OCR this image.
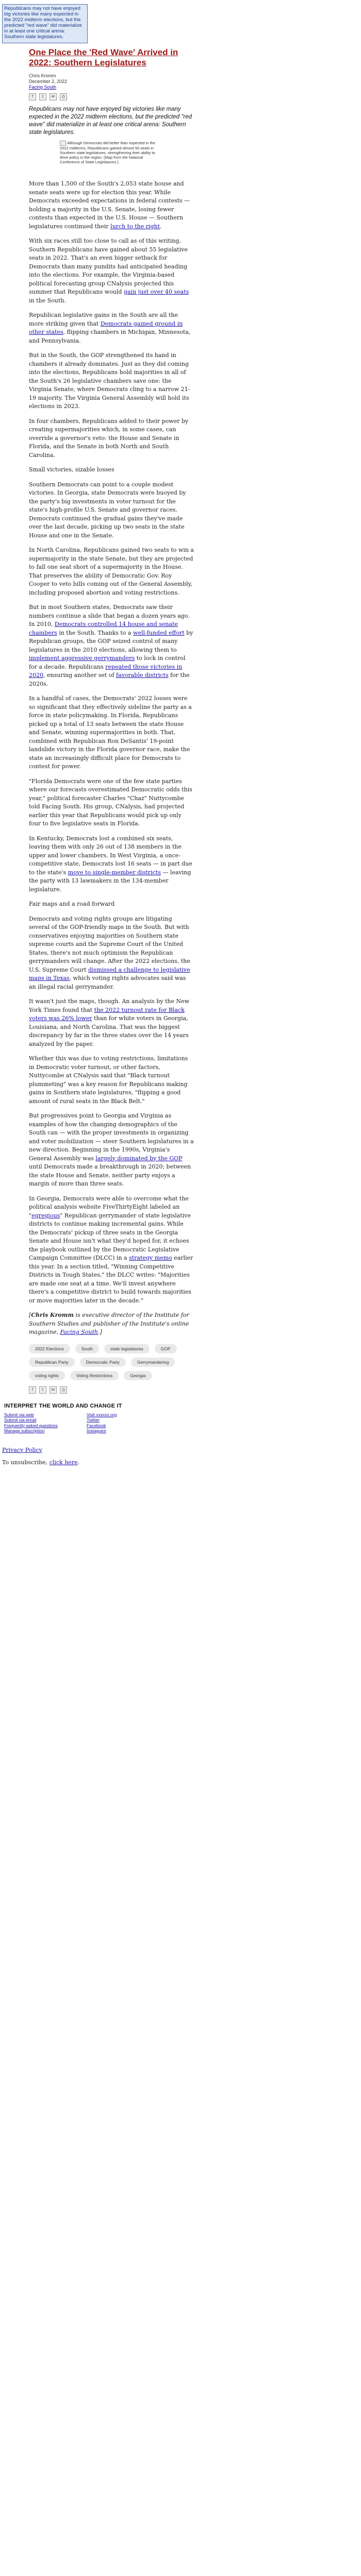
Republicans may not have enjoyed big victories like many expected in the 2022 midterm elections, but the predicted "red wave" did materialize in at least one critical arena: Southern state legislatures.
One Place the 'Red Wave' Arrived in 2022: Southern Legislatures
Chris Kromm
December 2, 2022
Facing South
f	t	✉	⎙
Republicans may not have enjoyed big victories like many expected in the 2022 midterm elections, but the predicted "red wave" did materialize in at least one critical arena: Southern state legislatures.
Although Democrats did better than expected in the 2022 midterms, Republicans gained almost 50 seats in Southern state legislatures, strengthening their ability to drive policy in the region. (Map from the National Conference of State Legislatures.)

More than 1,500 of the South's 2,053 state house and senate seats were up for election this year. While Democrats exceeded expectations in federal contests — holding a majority in the U.S. Senate, losing fewer contests than expected in the U.S. House — Southern legislatures continued their lurch to the right.

With six races still too close to call as of this writing, Southern Republicans have gained about 55 legislative seats in 2022. That's an even bigger setback for Democrats than many pundits had anticipated heading into the elections. For example, the Virginia-based political forecasting group CNalysis projected this summer that Republicans would gain just over 40 seats in the South.

Republican legislative gains in the South are all the more striking given that Democrats gained ground in other states, flipping chambers in Michigan, Minnesota, and Pennsylvania.

But in the South, the GOP strengthened its hand in chambers it already dominates. Just as they did coming into the elections, Republicans hold majorities in all of the South's 26 legislative chambers save one: the Virginia Senate, where Democrats cling to a narrow 21-19 majority. The Virginia General Assembly will hold its elections in 2023.

In four chambers, Republicans added to their power by creating supermajorities which, in some cases, can override a governor's veto: the House and Senate in Florida, and the Senate in both North and South Carolina.

Small victories, sizable losses

Southern Democrats can point to a couple modest victories. In Georgia, state Democrats were buoyed by the party's big investments in voter turnout for the state's high-profile U.S. Senate and governor races. Democrats continued the gradual gains they've made over the last decade, picking up two seats in the state House and one in the Senate.

In North Carolina, Republicans gained two seats to win a supermajority in the state Senate, but they are projected to fall one seat short of a supermajority in the House. That preserves the ability of Democratic Gov. Roy Cooper to veto bills coming out of the General Assembly, including proposed abortion and voting restrictions.

But in most Southern states, Democrats saw their numbers continue a slide that began a dozen years ago. In 2010, Democrats controlled 14 house and senate chambers in the South. Thanks to a well-funded effort by Republican groups, the GOP seized control of many legislatures in the 2010 elections, allowing them to implement aggressive gerrymanders to lock in control for a decade. Republicans repeated those victories in 2020, ensuring another set of favorable districts for the 2020s.

In a handful of cases, the Democrats' 2022 losses were so significant that they effectively sideline the party as a force in state policymaking. In Florida, Republicans picked up a total of 13 seats between the state House and Senate, winning supermajorities in both. That, combined with Republican Ron DeSantis' 19-point landslide victory in the Florida governor race, make the state an increasingly difficult place for Democrats to contest for power.

"Florida Democrats were one of the few state parties where our forecasts overestimated Democratic odds this year," political forecaster Charles "Chaz" Nuttycombe told Facing South. His group, CNalysis, had projected earlier this year that Republicans would pick up only four to five legislative seats in Florida.

In Kentucky, Democrats lost a combined six seats, leaving them with only 26 out of 138 members in the upper and lower chambers. In West Virginia, a once-competitive state, Democrats lost 16 seats — in part due to the state's move to single-member districts — leaving the party with 13 lawmakers in the 134-member legislature.

Fair maps and a road forward

Democrats and voting rights groups are litigating several of the GOP-friendly maps in the South. But with conservatives enjoying majorities on Southern state supreme courts and the Supreme Court of the United States, there's not much optimism the Republican gerrymanders will change. After the 2022 elections, the U.S. Supreme Court dismissed a challenge to legislative maps in Texas, which voting rights advocates said was an illegal racial gerrymander.

It wasn't just the maps, though. An analysis by the New York Times found that the 2022 turnout rate for Black voters was 26% lower than for white voters in Georgia, Louisiana, and North Carolina. That was the biggest discrepancy by far in the three states over the 14 years analyzed by the paper.

Whether this was due to voting restrictions, limitations in Democratic voter turnout, or other factors, Nuttycombe at CNalysis said that "Black turnout plummeting" was a key reason for Republicans making gains in Southern state legislatures, "flipping a good amount of rural seats in the Black Belt."

But progressives point to Georgia and Virginia as examples of how the changing demographics of the South can — with the proper investments in organizing and voter mobilization — steer Southern legislatures in a new direction. Beginning in the 1990s, Virginia's General Assembly was largely dominated by the GOP until Democrats made a breakthrough in 2020; between the state House and Senate, neither party enjoys a margin of more than three seats.

In Georgia, Democrats were able to overcome what the political analysis website FiveThirtyEight labeled an "egregious" Republican gerrymander of state legislative districts to continue making incremental gains. While the Democrats' pickup of three seats in the Georgia Senate and House isn't what they'd hoped for, it echoes the playbook outlined by the Democratic Legislative Campaign Committee (DLCC) in a strategy memo earlier this year. In a section titled, "Winning Competitive Districts in Tough States," the DLCC writes: "Majorities are made one seat at a time. We'll invest anywhere there's a competitive district to build towards majorities or move majorities later in the decade."

[Chris Kromm is executive director of the Institute for Southern Studies and publisher of the Institute's online magazine, Facing South.]

2022 Elections	South	state legislatures	GOP
Republican Party	Democratic Party	Gerrymandering
voting rights	Voting Restrictions	Georgia
f	t	✉	⎙
INTERPRET THE WORLD AND CHANGE IT
Submit via web	Visit xxxxxx.org
Submit via email	Twitter
Frequently asked questions	Facebook
Manage subscription	Instagram
Privacy Policy
To unsubscribe, click here.
